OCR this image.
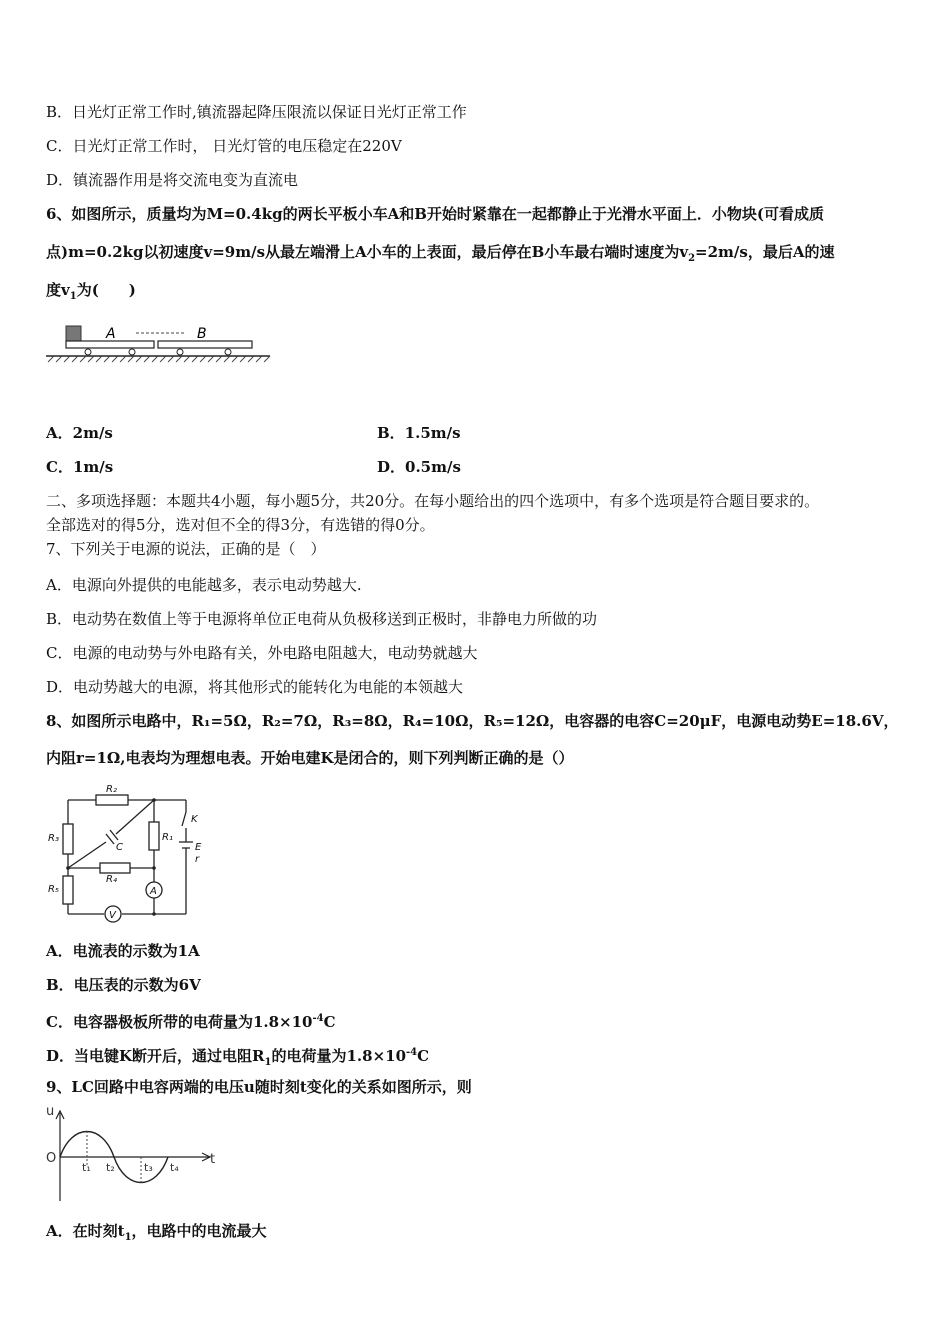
B．日光灯正常工作时,镇流器起降压限流以保证日光灯正常工作
C．日光灯正常工作时， 日光灯管的电压稳定在220V
D．镇流器作用是将交流电变为直流电
6、如图所示，质量均为M=0.4kg的两长平板小车A和B开始时紧靠在一起都静止于光滑水平面上．小物块(可看成质
点)m=0.2kg以初速度v=9m/s从最左端滑上A小车的上表面，最后停在B小车最右端时速度为$v_2=2m/s$，最后A的速
度$v_1$为(　　)
A	B
A．2m/s	B．1.5m/s
C．1m/s	D．0.5m/s
二、多项选择题：本题共4小题，每小题5分，共20分。在每小题给出的四个选项中，有多个选项是符合题目要求的。
全部选对的得5分，选对但不全的得3分，有选错的得0分。
7、下列关于电源的说法，正确的是（　）
A．电源向外提供的电能越多，表示电动势越大.
B．电动势在数值上等于电源将单位正电荷从负极移送到正极时，非静电力所做的功
C．电源的电动势与外电路有关，外电路电阻越大，电动势就越大
D．电动势越大的电源，将其他形式的能转化为电能的本领越大
8、如图所示电路中，R₁=5Ω，R₂=7Ω，R₃=8Ω，R₄=10Ω，R₅=12Ω，电容器的电容C=20μF，电源电动势E=18.6V，
内阻r=1Ω,电表均为理想电表。开始电建K是闭合的，则下列判断正确的是（）
R₂
R₃
R₅
R₁
R₄
C
K
E
r
A
V
A．电流表的示数为1A
B．电压表的示数为6V
C．电容器极板所带的电荷量为$1.8\times 10^{-4}C$
D．当电键K断开后，通过电阻$R_1$的电荷量为$1.8\times 10^{-4}C$
9、LC回路中电容两端的电压u随时刻t变化的关系如图所示，则
u
O	t
t₁ t₂	t₃ t₄
A．在时刻$t_1$，电路中的电流最大
